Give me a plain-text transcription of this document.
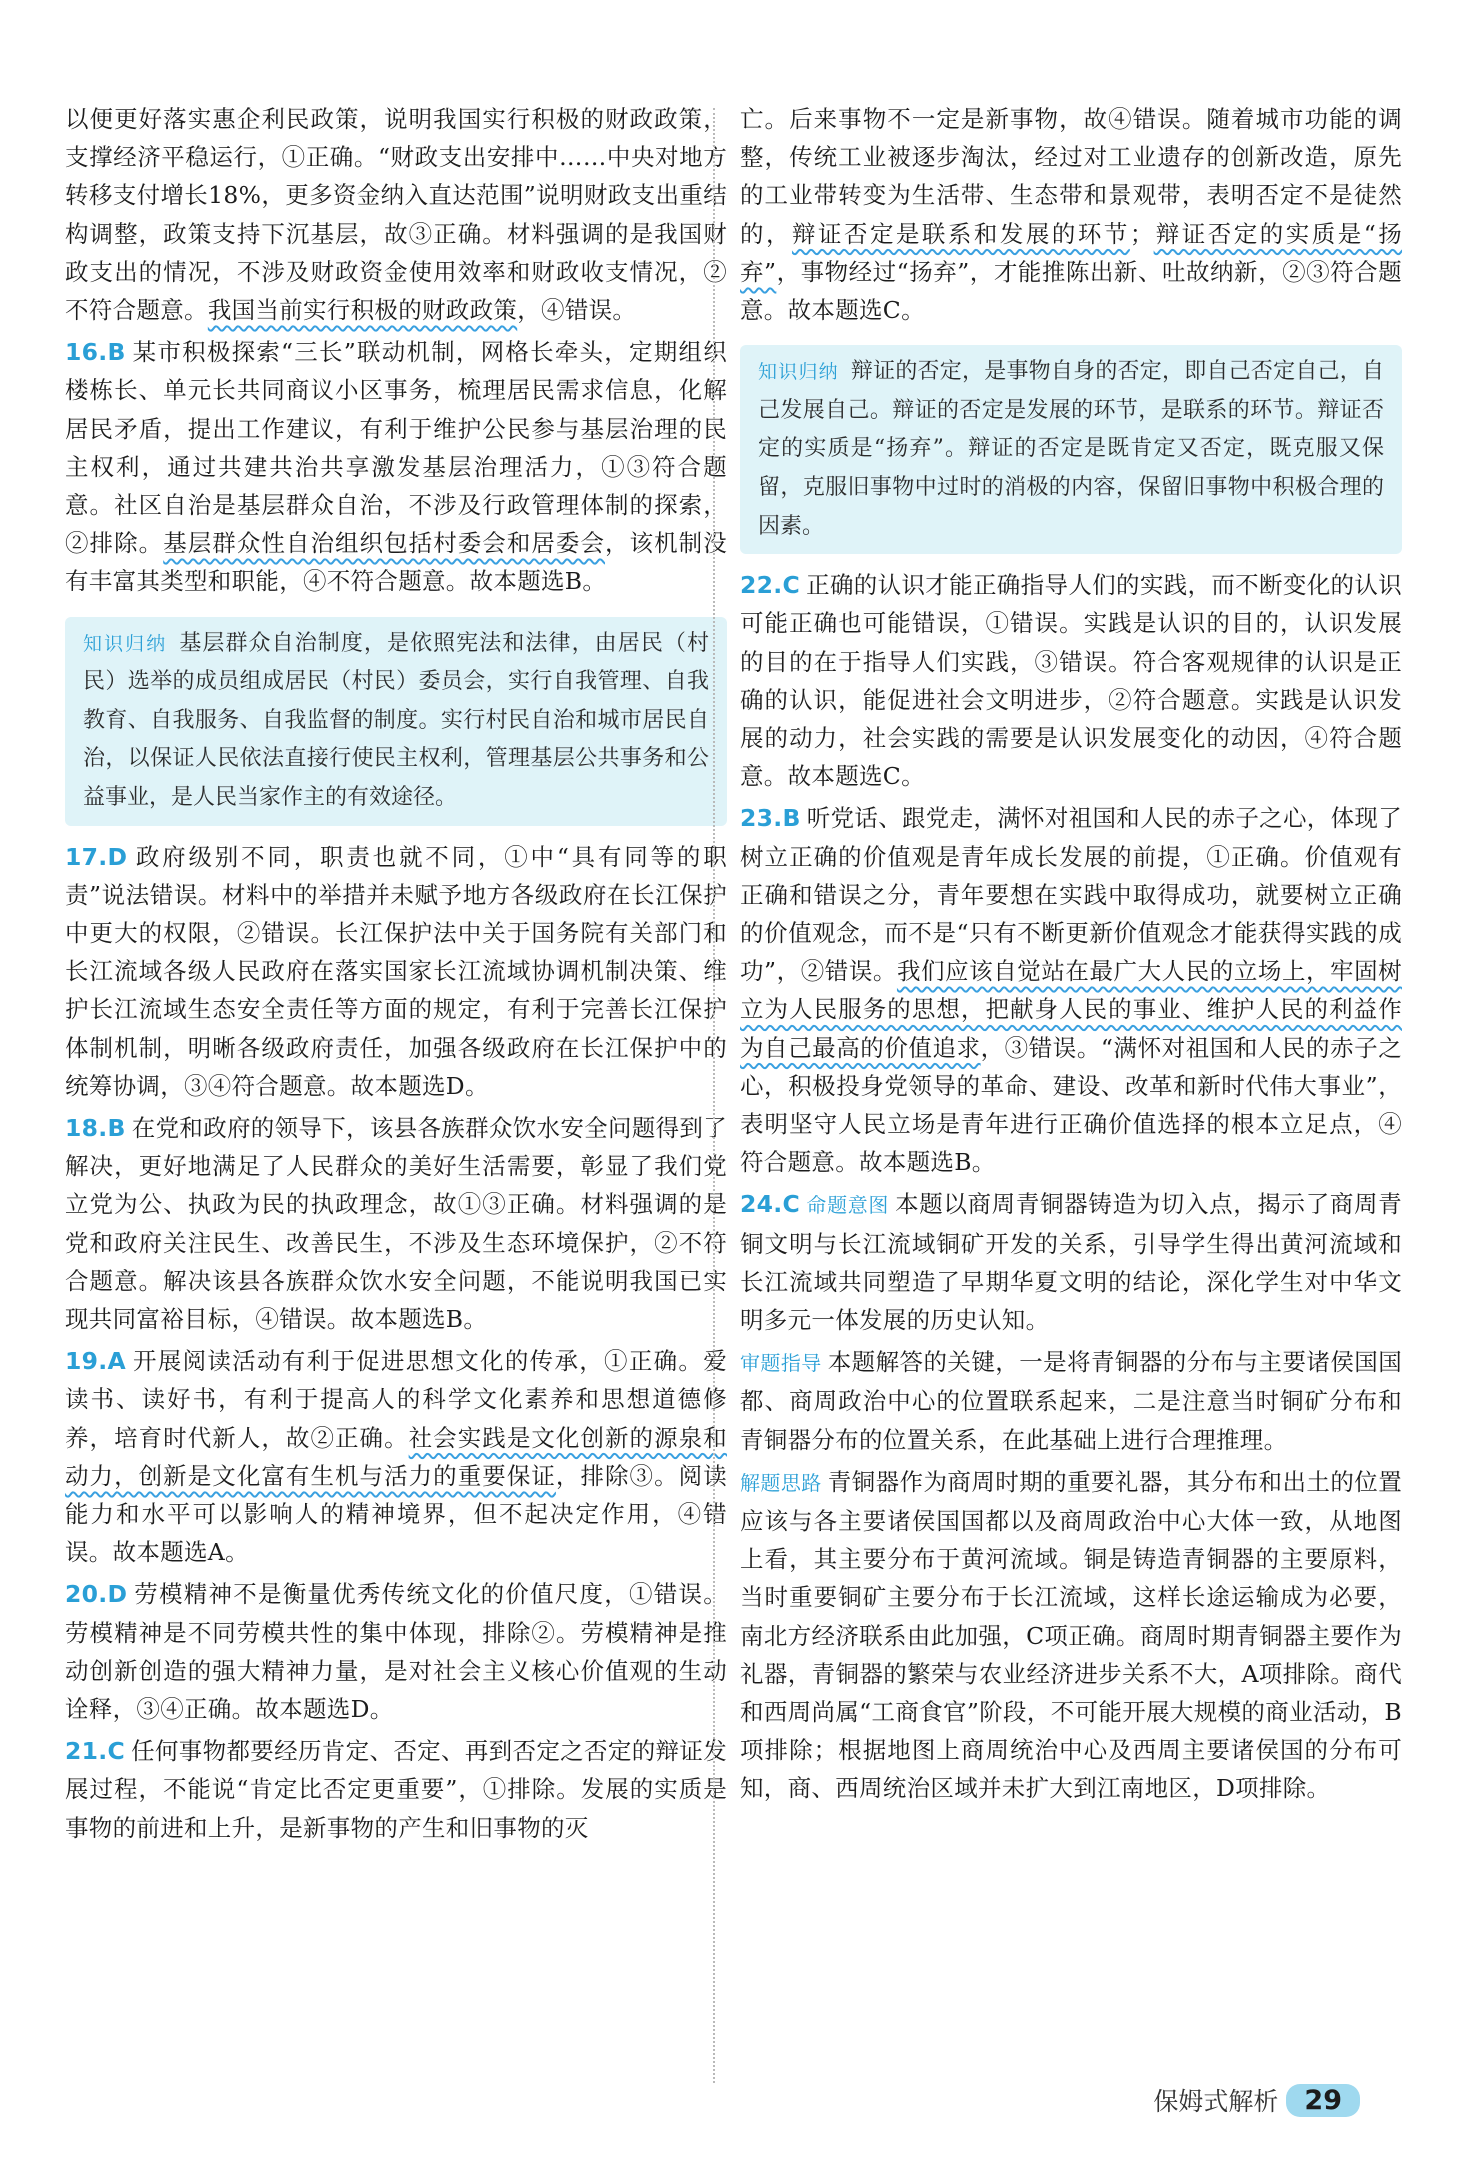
以便更好落实惠企利民政策，说明我国实行积极的财政政策，支撑经济平稳运行，①正确。“财政支出安排中……中央对地方转移支付增长18%，更多资金纳入直达范围”说明财政支出重结构调整，政策支持下沉基层，故③正确。材料强调的是我国财政支出的情况，不涉及财政资金使用效率和财政收支情况，②不符合题意。我国当前实行积极的财政政策，④错误。

16.B 某市积极探索“三长”联动机制，网格长牵头，定期组织楼栋长、单元长共同商议小区事务，梳理居民需求信息，化解居民矛盾，提出工作建议，有利于维护公民参与基层治理的民主权利，通过共建共治共享激发基层治理活力，①③符合题意。社区自治是基层群众自治，不涉及行政管理体制的探索，②排除。基层群众性自治组织包括村委会和居委会，该机制没有丰富其类型和职能，④不符合题意。故本题选B。

知识归纳 基层群众自治制度，是依照宪法和法律，由居民（村民）选举的成员组成居民（村民）委员会，实行自我管理、自我教育、自我服务、自我监督的制度。实行村民自治和城市居民自治，以保证人民依法直接行使民主权利，管理基层公共事务和公益事业，是人民当家作主的有效途径。

17.D 政府级别不同，职责也就不同，①中“具有同等的职责”说法错误。材料中的举措并未赋予地方各级政府在长江保护中更大的权限，②错误。长江保护法中关于国务院有关部门和长江流域各级人民政府在落实国家长江流域协调机制决策、维护长江流域生态安全责任等方面的规定，有利于完善长江保护体制机制，明晰各级政府责任，加强各级政府在长江保护中的统筹协调，③④符合题意。故本题选D。

18.B 在党和政府的领导下，该县各族群众饮水安全问题得到了解决，更好地满足了人民群众的美好生活需要，彰显了我们党立党为公、执政为民的执政理念，故①③正确。材料强调的是党和政府关注民生、改善民生，不涉及生态环境保护，②不符合题意。解决该县各族群众饮水安全问题，不能说明我国已实现共同富裕目标，④错误。故本题选B。

19.A 开展阅读活动有利于促进思想文化的传承，①正确。爱读书、读好书，有利于提高人的科学文化素养和思想道德修养，培育时代新人，故②正确。社会实践是文化创新的源泉和动力，创新是文化富有生机与活力的重要保证，排除③。阅读能力和水平可以影响人的精神境界，但不起决定作用，④错误。故本题选A。

20.D 劳模精神不是衡量优秀传统文化的价值尺度，①错误。劳模精神是不同劳模共性的集中体现，排除②。劳模精神是推动创新创造的强大精神力量，是对社会主义核心价值观的生动诠释，③④正确。故本题选D。

21.C 任何事物都要经历肯定、否定、再到否定之否定的辩证发展过程，不能说“肯定比否定更重要”，①排除。发展的实质是事物的前进和上升，是新事物的产生和旧事物的灭

亡。后来事物不一定是新事物，故④错误。随着城市功能的调整，传统工业被逐步淘汰，经过对工业遗存的创新改造，原先的工业带转变为生活带、生态带和景观带，表明否定不是徒然的，辩证否定是联系和发展的环节；辩证否定的实质是“扬弃”，事物经过“扬弃”，才能推陈出新、吐故纳新，②③符合题意。故本题选C。

知识归纳 辩证的否定，是事物自身的否定，即自己否定自己，自己发展自己。辩证的否定是发展的环节，是联系的环节。辩证否定的实质是“扬弃”。辩证的否定是既肯定又否定，既克服又保留，克服旧事物中过时的消极的内容，保留旧事物中积极合理的因素。

22.C 正确的认识才能正确指导人们的实践，而不断变化的认识可能正确也可能错误，①错误。实践是认识的目的，认识发展的目的在于指导人们实践，③错误。符合客观规律的认识是正确的认识，能促进社会文明进步，②符合题意。实践是认识发展的动力，社会实践的需要是认识发展变化的动因，④符合题意。故本题选C。

23.B 听党话、跟党走，满怀对祖国和人民的赤子之心，体现了树立正确的价值观是青年成长发展的前提，①正确。价值观有正确和错误之分，青年要想在实践中取得成功，就要树立正确的价值观念，而不是“只有不断更新价值观念才能获得实践的成功”，②错误。我们应该自觉站在最广大人民的立场上，牢固树立为人民服务的思想，把献身人民的事业、维护人民的利益作为自己最高的价值追求，③错误。“满怀对祖国和人民的赤子之心，积极投身党领导的革命、建设、改革和新时代伟大事业”，表明坚守人民立场是青年进行正确价值选择的根本立足点，④符合题意。故本题选B。

24.C 命题意图 本题以商周青铜器铸造为切入点，揭示了商周青铜文明与长江流域铜矿开发的关系，引导学生得出黄河流域和长江流域共同塑造了早期华夏文明的结论，深化学生对中华文明多元一体发展的历史认知。

审题指导 本题解答的关键，一是将青铜器的分布与主要诸侯国国都、商周政治中心的位置联系起来，二是注意当时铜矿分布和青铜器分布的位置关系，在此基础上进行合理推理。

解题思路 青铜器作为商周时期的重要礼器，其分布和出土的位置应该与各主要诸侯国国都以及商周政治中心大体一致，从地图上看，其主要分布于黄河流域。铜是铸造青铜器的主要原料，当时重要铜矿主要分布于长江流域，这样长途运输成为必要，南北方经济联系由此加强，C项正确。商周时期青铜器主要作为礼器，青铜器的繁荣与农业经济进步关系不大，A项排除。商代和西周尚属“工商食官”阶段，不可能开展大规模的商业活动，B项排除；根据地图上商周统治中心及西周主要诸侯国的分布可知，商、西周统治区域并未扩大到江南地区，D项排除。

保姆式解析 29
